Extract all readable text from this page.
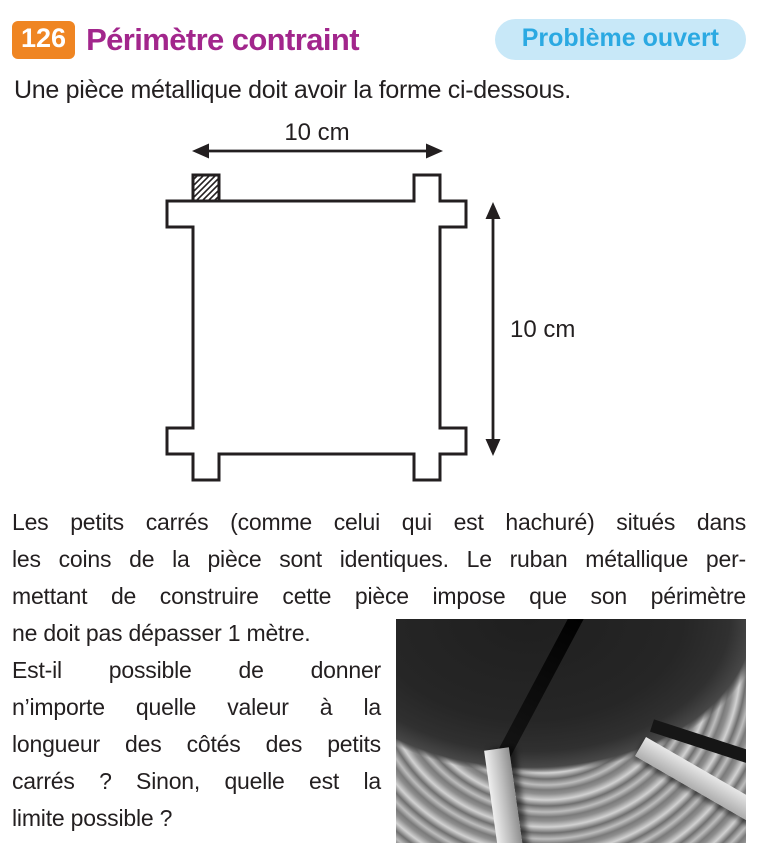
126 Périmètre contraint	Problème ouvert
Une pièce métallique doit avoir la forme ci-dessous.
10 cm
10 cm
Les petits carrés (comme celui qui est hachuré) situés dans
les coins de la pièce sont identiques. Le ruban métallique per-
mettant de construire cette pièce impose que son périmètre
ne doit pas dépasser 1 mètre.
Est-il possible de donner
n’importe quelle valeur à la
longueur des côtés des petits
carrés ? Sinon, quelle est la
limite possible ?
